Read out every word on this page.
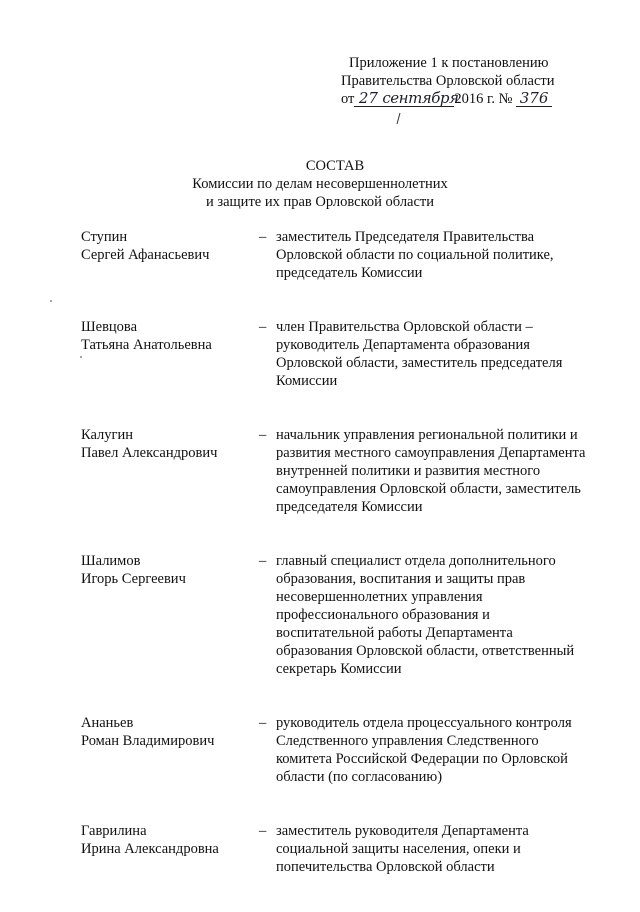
Приложение 1 к постановлению
Правительства Орловской области
от 27 сентября2016 г. № 376
СОСТАВ
Комиссии по делам несовершеннолетних
и защите их прав Орловской области
Ступин
Сергей Афанасьевич
– заместитель Председателя Правительства Орловской области по социальной политике, председатель Комиссии
Шевцова
Татьяна Анатольевна
– член Правительства Орловской области – руководитель Департамента образования Орловской области, заместитель председателя Комиссии
Калугин
Павел Александрович
– начальник управления региональной политики и развития местного самоуправления Департамента внутренней политики и развития местного самоуправления Орловской области, заместитель председателя Комиссии
Шалимов
Игорь Сергеевич
– главный специалист отдела дополнительного образования, воспитания и защиты прав несовершеннолетних управления профессионального образования и воспитательной работы Департамента образования Орловской области, ответственный секретарь Комиссии
Ананьев
Роман Владимирович
– руководитель отдела процессуального контроля Следственного управления Следственного комитета Российской Федерации по Орловской области (по согласованию)
Гаврилина
Ирина Александровна
– заместитель руководителя Департамента социальной защиты населения, опеки и попечительства Орловской области
